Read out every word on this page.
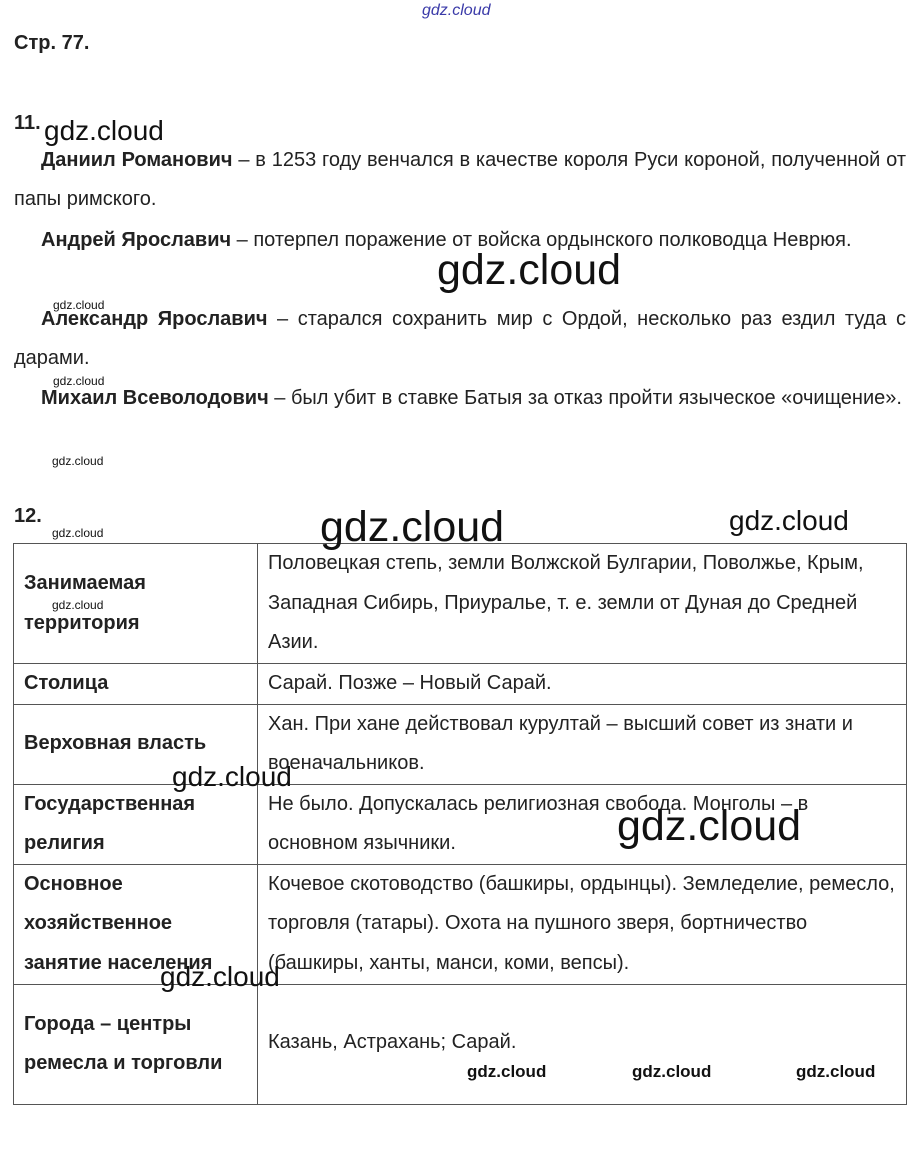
Стр. 77.
11.
Даниил Романович – в 1253 году венчался в качестве короля Руси короной, полученной от папы римского.
Андрей Ярославич – потерпел поражение от войска ордынского полководца Неврюя.
Александр Ярославич – старался сохранить мир с Ордой, несколько раз ездил туда с дарами.
Михаил Всеволодович – был убит в ставке Батыя за отказ пройти языческое «очищение».
12.
Занимаемая территория	Половецкая степь, земли Волжской Булгарии, Поволжье, Крым, Западная Сибирь, Приуралье, т. е. земли от Дуная до Средней Азии.
Столица	Сарай. Позже – Новый Сарай.
Верховная власть	Хан. При хане действовал курултай – высший совет из знати и военачальников.
Государственная религия	Не было. Допускалась религиозная свобода. Монголы – в основном язычники.
Основное хозяйственное занятие населения	Кочевое скотоводство (башкиры, ордынцы). Земледелие, ремесло, торговля (татары). Охота на пушного зверя, бортничество (башкиры, ханты, манси, коми, вепсы).
Города – центры ремесла и торговли	Казань, Астрахань; Сарай.
gdz.cloud
gdz.cloud
gdz.cloud
gdz.cloud
gdz.cloud
gdz.cloud
gdz.cloud	gdz.cloud	gdz.cloud
gdz.cloud
gdz.cloud
gdz.cloud
gdz.cloud
gdz.cloud	gdz.cloud	gdz.cloud
